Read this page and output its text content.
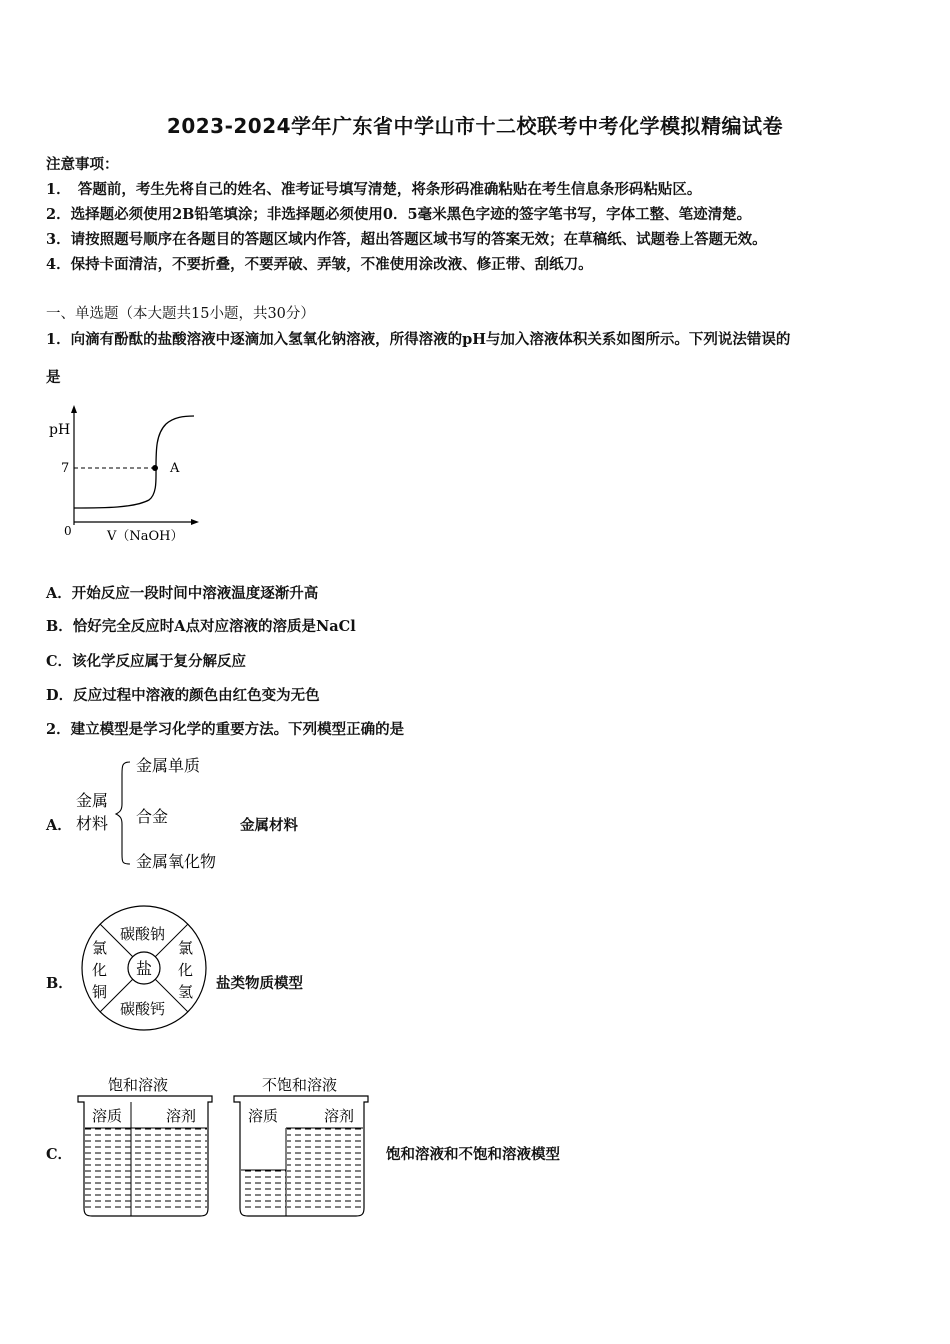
2023-2024学年广东省中学山市十二校联考中考化学模拟精编试卷
注意事项：
1．　答题前，考生先将自己的姓名、准考证号填写清楚，将条形码准确粘贴在考生信息条形码粘贴区。
2．选择题必须使用2B铅笔填涂；非选择题必须使用0．5毫米黑色字迹的签字笔书写，字体工整、笔迹清楚。
3．请按照题号顺序在各题目的答题区域内作答，超出答题区域书写的答案无效；在草稿纸、试题卷上答题无效。
4．保持卡面清洁，不要折叠，不要弄破、弄皱，不准使用涂改液、修正带、刮纸刀。
一、单选题（本大题共15小题，共30分）
1．向滴有酚酞的盐酸溶液中逐滴加入氢氧化钠溶液，所得溶液的pH与加入溶液体积关系如图所示。下列说法错误的
是
pH
7
0	V（NaOH）
A
A．开始反应一段时间中溶液温度逐渐升高
B．恰好完全反应时A点对应溶液的溶质是NaCl
C．该化学反应属于复分解反应
D．反应过程中溶液的颜色由红色变为无色
2．建立模型是学习化学的重要方法。下列模型正确的是
A．
金属
材料
金属单质
合金
金属氧化物
金属材料
B．
盐
碳酸钠
碳酸钙
氯
化
铜
氯
化
氢 盐类物质模型
C．
饱和溶液
溶质	溶剂
不饱和溶液
溶质	溶剂
饱和溶液和不饱和溶液模型
